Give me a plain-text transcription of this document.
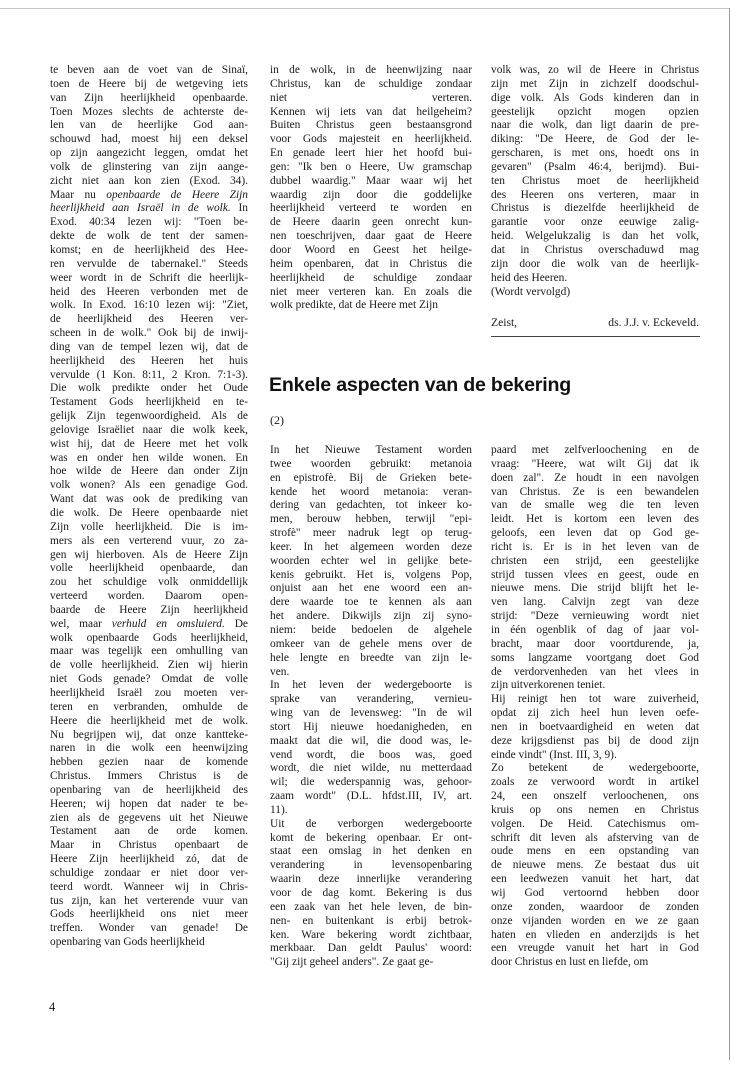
te beven aan de voet van de Sinaï,
toen de Heere bij de wetgeving iets
van Zijn heerlijkheid openbaarde.
Toen Mozes slechts de achterste de-
len van de heerlijke God aan-
schouwd had, moest hij een deksel
op zijn aangezicht leggen, omdat het
volk de glinstering van zijn aange-
zicht niet aan kon zien (Exod. 34).
Maar nu openbaarde de Heere Zijn
heerlijkheid aan Israël in de wolk. In
Exod. 40:34 lezen wij: "Toen be-
dekte de wolk de tent der samen-
komst; en de heerlijkheid des Hee-
ren vervulde de tabernakel." Steeds
weer wordt in de Schrift die heerlijk-
heid des Heeren verbonden met de
wolk. In Exod. 16:10 lezen wij: "Ziet,
de heerlijkheid des Heeren ver-
scheen in de wolk." Ook bij de inwij-
ding van de tempel lezen wij, dat de
heerlijkheid des Heeren het huis
vervulde (1 Kon. 8:11, 2 Kron. 7:1-3).
Die wolk predikte onder het Oude
Testament Gods heerlijkheid en te-
gelijk Zijn tegenwoordigheid. Als de
gelovige Israëliet naar die wolk keek,
wist hij, dat de Heere met het volk
was en onder hen wilde wonen. En
hoe wilde de Heere dan onder Zijn
volk wonen? Als een genadige God.
Want dat was ook de prediking van
die wolk. De Heere openbaarde niet
Zijn volle heerlijkheid. Die is im-
mers als een verterend vuur, zo za-
gen wij hierboven. Als de Heere Zijn
volle heerlijkheid openbaarde, dan
zou het schuldige volk onmiddellijk
verteerd worden. Daarom open-
baarde de Heere Zijn heerlijkheid
wel, maar verhuld en omsluierd. De
wolk openbaarde Gods heerlijkheid,
maar was tegelijk een omhulling van
de volle heerlijkheid. Zien wij hierin
niet Gods genade? Omdat de volle
heerlijkheid Israël zou moeten ver-
teren en verbranden, omhulde de
Heere die heerlijkheid met de wolk.
Nu begrijpen wij, dat onze kantteke-
naren in die wolk een heenwijzing
hebben gezien naar de komende
Christus. Immers Christus is de
openbaring van de heerlijkheid des
Heeren; wij hopen dat nader te be-
zien als de gegevens uit het Nieuwe
Testament aan de orde komen.
Maar in Christus openbaart de
Heere Zijn heerlijkheid zó, dat de
schuldige zondaar er niet door ver-
teerd wordt. Wanneer wij in Chris-
tus zijn, kan het verterende vuur van
Gods heerlijkheid ons niet meer
treffen. Wonder van genade! De
openbaring van Gods heerlijkheid
in de wolk, in de heenwijzing naar
Christus, kan de schuldige zondaar
niet verteren.
Kennen wij iets van dat heilgeheim?
Buiten Christus geen bestaansgrond
voor Gods majesteit en heerlijkheid.
En genade leert hier het hoofd bui-
gen: "Ik ben o Heere, Uw gramschap
dubbel waardig." Maar waar wij het
waardig zijn door die goddelijke
heerlijkheid verteerd te worden en
de Heere daarin geen onrecht kun-
nen toeschrijven, daar gaat de Heere
door Woord en Geest het heilge-
heim openbaren, dat in Christus die
heerlijkheid de schuldige zondaar
niet meer verteren kan. En zoals die
wolk predikte, dat de Heere met Zijn
volk was, zo wil de Heere in Christus
zijn met Zijn in zichzelf doodschul-
dige volk. Als Gods kinderen dan in
geestelijk opzicht mogen opzien
naar die wolk, dan ligt daarin de pre-
diking: "De Heere, de God der le-
gerscharen, is met ons, hoedt ons in
gevaren" (Psalm 46:4, berijmd). Bui-
ten Christus moet de heerlijkheid
des Heeren ons verteren, maar in
Christus is diezelfde heerlijkheid de
garantie voor onze eeuwige zalig-
heid. Welgelukzalig is dan het volk,
dat in Christus overschaduwd mag
zijn door die wolk van de heerlijk-
heid des Heeren.
(Wordt vervolgd)
Zeist,	ds. J.J. v. Eckeveld.
Enkele aspecten van de bekering
(2)
In het Nieuwe Testament worden
twee woorden gebruikt: metanoia
en epistrofè. Bij de Grieken bete-
kende het woord metanoia: veran-
dering van gedachten, tot inkeer ko-
men, berouw hebben, terwijl "epi-
strofè" meer nadruk legt op terug-
keer. In het algemeen worden deze
woorden echter wel in gelijke bete-
kenis gebruikt. Het is, volgens Pop,
onjuist aan het ene woord een an-
dere waarde toe te kennen als aan
het andere. Dikwijls zijn zij syno-
niem: beide bedoelen de algehele
omkeer van de gehele mens over de
hele lengte en breedte van zijn le-
ven.
In het leven der wedergeboorte is
sprake van verandering, vernieu-
wing van de levensweg: "In de wil
stort Hij nieuwe hoedanigheden, en
maakt dat die wil, die dood was, le-
vend wordt, die boos was, goed
wordt, die niet wilde, nu metterdaad
wil; die wederspannig was, gehoor-
zaam wordt" (D.L. hfdst.III, IV, art.
11).
Uit de verborgen wedergeboorte
komt de bekering openbaar. Er ont-
staat een omslag in het denken en
verandering in levensopenbaring
waarin deze innerlijke verandering
voor de dag komt. Bekering is dus
een zaak van het hele leven, de bin-
nen- en buitenkant is erbij betrok-
ken. Ware bekering wordt zichtbaar,
merkbaar. Dan geldt Paulus' woord:
"Gij zijt geheel anders". Ze gaat ge-
paard met zelfverloochening en de
vraag: "Heere, wat wilt Gij dat ik
doen zal". Ze houdt in een navolgen
van Christus. Ze is een bewandelen
van de smalle weg die ten leven
leidt. Het is kortom een leven des
geloofs, een leven dat op God ge-
richt is. Er is in het leven van de
christen een strijd, een geestelijke
strijd tussen vlees en geest, oude en
nieuwe mens. Die strijd blijft het le-
ven lang. Calvijn zegt van deze
strijd: "Deze vernieuwing wordt niet
in één ogenblik of dag of jaar vol-
bracht, maar door voortdurende, ja,
soms langzame voortgang doet God
de verdorvenheden van het vlees in
zijn uitverkorenen teniet.
Hij reinigt hen tot ware zuiverheid,
opdat zij zich heel hun leven oefe-
nen in boetvaardigheid en weten dat
deze krijgsdienst pas bij de dood zijn
einde vindt" (Inst. III, 3, 9).
Zo betekent de wedergeboorte,
zoals ze verwoord wordt in artikel
24, een onszelf verloochenen, ons
kruis op ons nemen en Christus
volgen. De Heid. Catechismus om-
schrift dit leven als afsterving van de
oude mens en een opstanding van
de nieuwe mens. Ze bestaat dus uit
een leedwezen vanuit het hart, dat
wij God vertoornd hebben door
onze zonden, waardoor de zonden
onze vijanden worden en we ze gaan
haten en vlieden en anderzijds is het
een vreugde vanuit het hart in God
door Christus en lust en liefde, om
4
